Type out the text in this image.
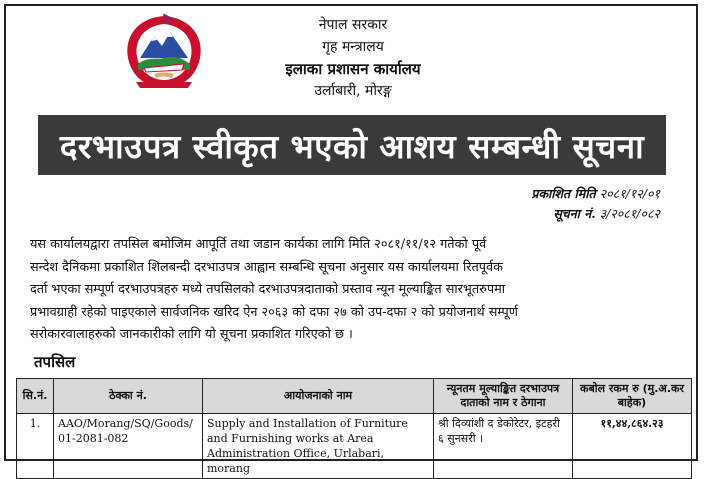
नेपाल सरकार
गृह मन्त्रालय
इलाका प्रशासन कार्यालय
उर्लाबारी, मोरङ्ग
दरभाउपत्र स्वीकृत भएको आशय सम्बन्धी सूचना
प्रकाशित मिति २०८१/१२/०१
सूचना नं. ३/२०८१/०८२
यस कार्यालयद्वारा तपसिल बमोजिम आपूर्ति तथा जडान कार्यका लागि मिति २०८१/११/१२ गतेको पूर्व
सन्देश दैनिकमा प्रकाशित शिलबन्दी दरभाउपत्र आह्वान सम्बन्धि सूचना अनुसार यस कार्यालयमा रितपूर्वक
दर्ता भएका सम्पूर्ण दरभाउपत्रहरु मध्ये तपसिलको दरभाउपत्रदाताको प्रस्ताव न्यून मूल्याङ्कित सारभूतरुपमा
प्रभावग्राही रहेको पाइएकाले सार्वजनिक खरिद ऐन २०६३ को दफा २७ को उप-दफा २ को प्रयोजनार्थ सम्पूर्ण
सरोकारवालाहरुको जानकारीको लागि यो सूचना प्रकाशित गरिएको छ ।
तपसिल
सि.नं.	ठेक्का नं.	आयोजनाको नाम	न्यूनतम मूल्याङ्कित दरभाउपत्र दाताको नाम र ठेगाना	कबोल रकम रु (मु.अ.कर बाहेक)
1.	AAO/Morang/SQ/Goods/ 01-2081-082	Supply and Installation of Furniture and Furnishing works at Area Administration Office, Urlabari, morang	श्री दिव्यांशी द डेकोरेटर, इटहरी ६ सुनसरी ।	११,४४,८६४.२३
